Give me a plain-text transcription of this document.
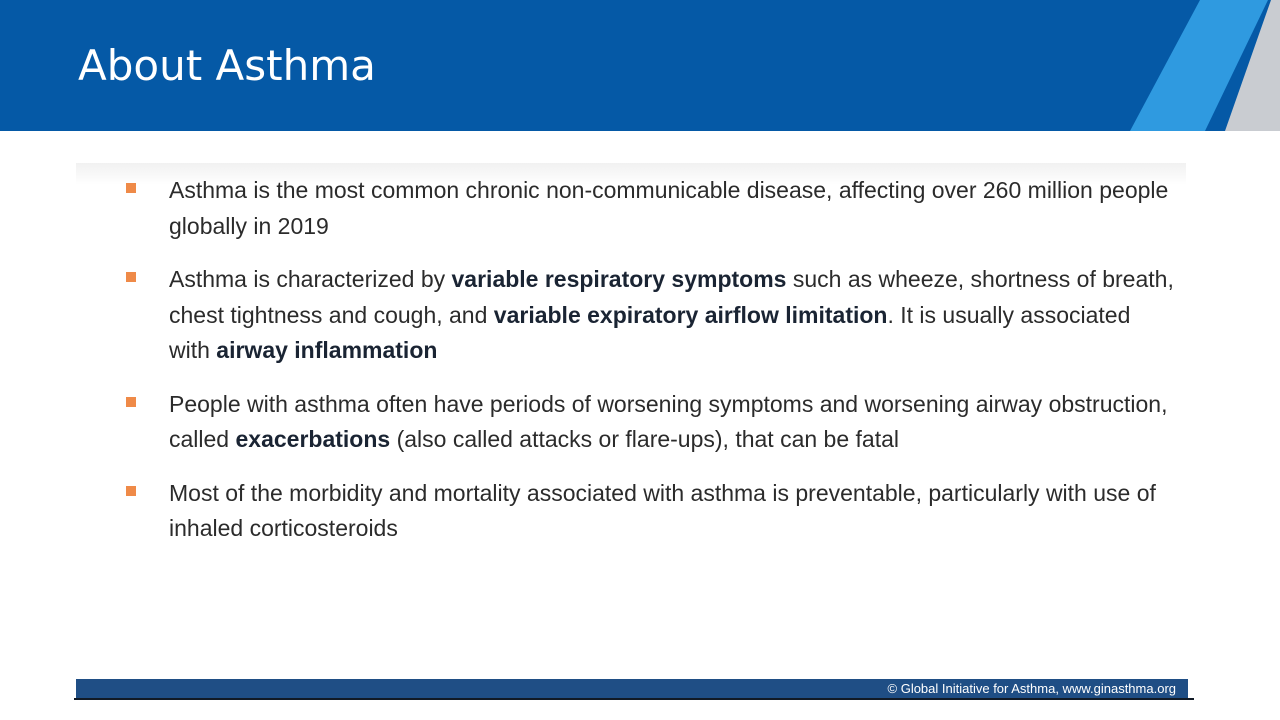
About Asthma
Asthma is the most common chronic non-communicable disease, affecting over 260 million people globally in 2019
Asthma is characterized by variable respiratory symptoms such as wheeze, shortness of breath, chest tightness and cough, and variable expiratory airflow limitation. It is usually associated with airway inflammation
People with asthma often have periods of worsening symptoms and worsening airway obstruction, called exacerbations (also called attacks or flare-ups), that can be fatal
Most of the morbidity and mortality associated with asthma is preventable, particularly with use of inhaled corticosteroids
© Global Initiative for Asthma, www.ginasthma.org
